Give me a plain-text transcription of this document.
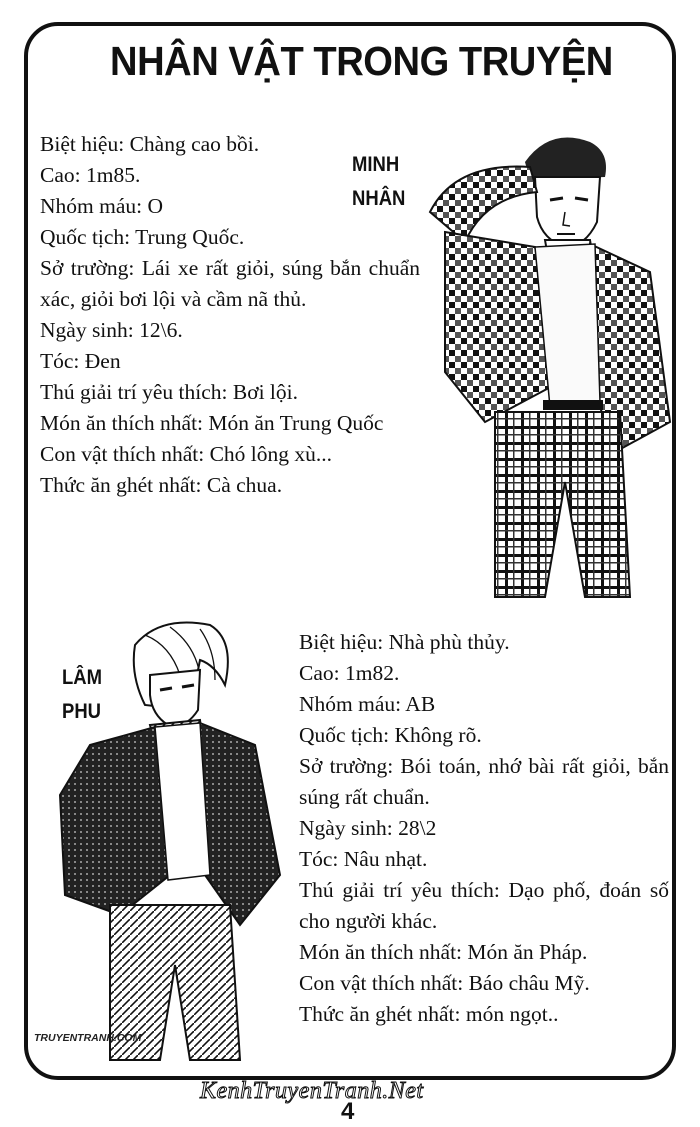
NHÂN VẬT TRONG TRUYỆN
Biệt hiệu: Chàng cao bồi.
Cao: 1m85.
Nhóm máu: O
Quốc tịch: Trung Quốc.
Sở trường: Lái xe rất giỏi, súng bắn chuẩn xác, giỏi bơi lội và cầm nã thủ.
Ngày sinh: 12\6.
Tóc: Đen
Thú giải trí yêu thích: Bơi lội.
Món ăn thích nhất: Món ăn Trung Quốc
Con vật thích nhất: Chó lông xù...
Thức ăn ghét nhất: Cà chua.
MINH
NHÂN
Biệt hiệu: Nhà phù thủy.
Cao: 1m82.
Nhóm máu: AB
Quốc tịch: Không rõ.
Sở trường: Bói toán, nhớ bài rất giỏi, bắn súng rất chuẩn.
Ngày sinh: 28\2
Tóc: Nâu nhạt.
Thú giải trí yêu thích: Dạo phố, đoán số cho người khác.
Món ăn thích nhất: Món ăn Pháp.
Con vật thích nhất: Báo châu Mỹ.
Thức ăn ghét nhất: món ngọt..
LÂM
PHU
TRUYENTRANH.COM
KenhTruyenTranh.Net
4
